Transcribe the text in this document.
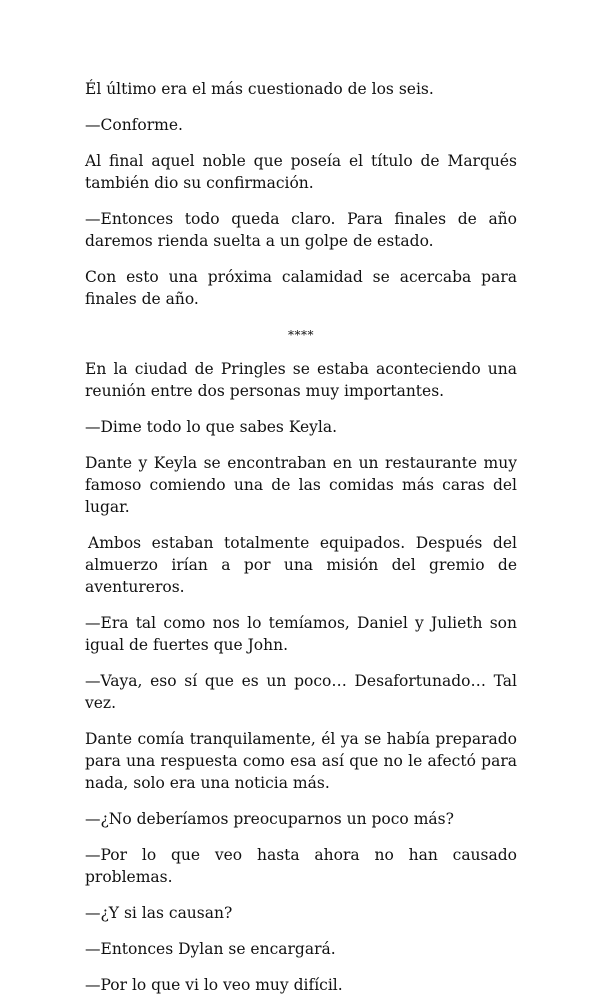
Él último era el más cuestionado de los seis.

—Conforme.

Al final aquel noble que poseía el título de Marqués también dio su confirmación.

—Entonces todo queda claro. Para finales de año daremos rienda suelta a un golpe de estado.

Con esto una próxima calamidad se acercaba para finales de año.

****

En la ciudad de Pringles se estaba aconteciendo una reunión entre dos personas muy importantes.

—Dime todo lo que sabes Keyla.

Dante y Keyla se encontraban en un restaurante muy famoso comiendo una de las comidas más caras del lugar.

Ambos estaban totalmente equipados. Después del almuerzo irían a por una misión del gremio de aventureros.

—Era tal como nos lo temíamos, Daniel y Julieth son igual de fuertes que John.

—Vaya, eso sí que es un poco… Desafortunado… Tal vez.

Dante comía tranquilamente, él ya se había preparado para una respuesta como esa así que no le afectó para nada, solo era una noticia más.

—¿No deberíamos preocuparnos un poco más?

—Por lo que veo hasta ahora no han causado problemas.

—¿Y si las causan?

—Entonces Dylan se encargará.

—Por lo que vi lo veo muy difícil.
